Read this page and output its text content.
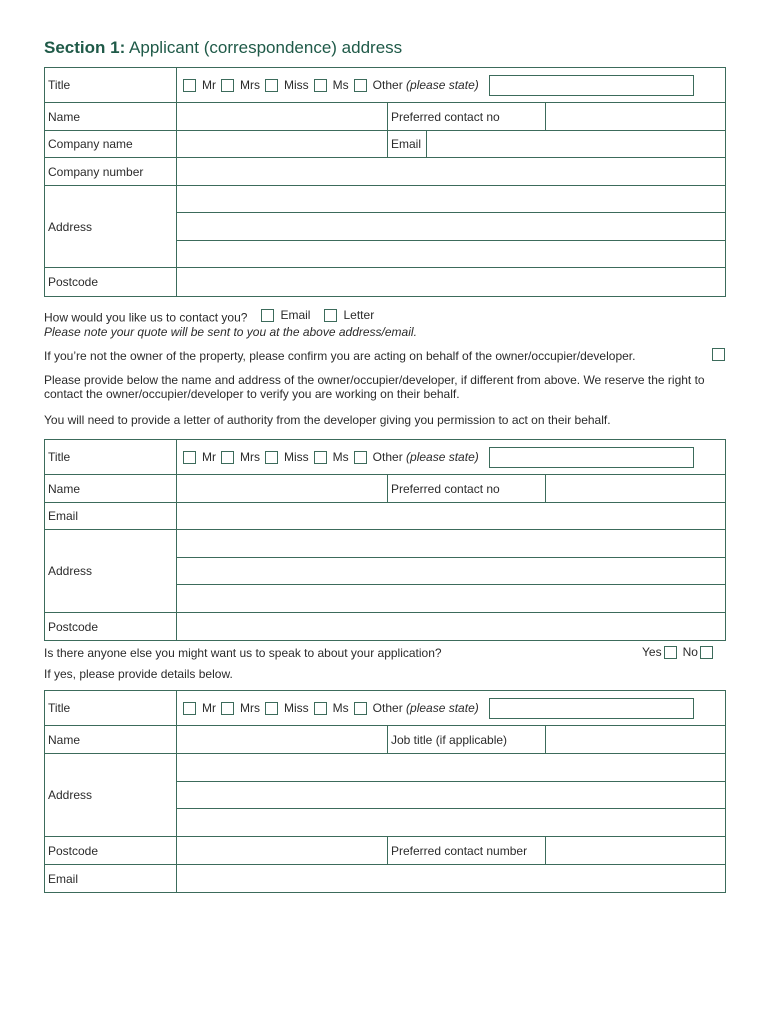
Section 1: Applicant (correspondence) address
Title	Mr Mrs Miss Ms Other
(please state)
Name	Preferred contact no
Company name	Email
Company number
Address
Postcode
How would you like us to contact you?
	Email

	Letter

Please note your quote will be sent to you at the above address/email.
If you’re not the owner of the property, please confirm you are acting on behalf of the owner/occupier/developer.
Please provide below the name and address of the owner/occupier/developer, if different from above. We reserve the right to contact the owner/occupier/developer to verify you are working on their behalf.
You will need to provide a letter of authority from the developer giving you permission to act on their behalf.
Title	Mr Mrs Miss Ms Other
(please state)
Name	Preferred contact no
Email
Address
Postcode
Is there anyone else you might want us to speak to about your application?	Yes No
If yes, please provide details below.
Title	Mr Mrs Miss Ms Other
(please state)
Name	Job title (if applicable)
Address
Postcode	Preferred contact number
Email
